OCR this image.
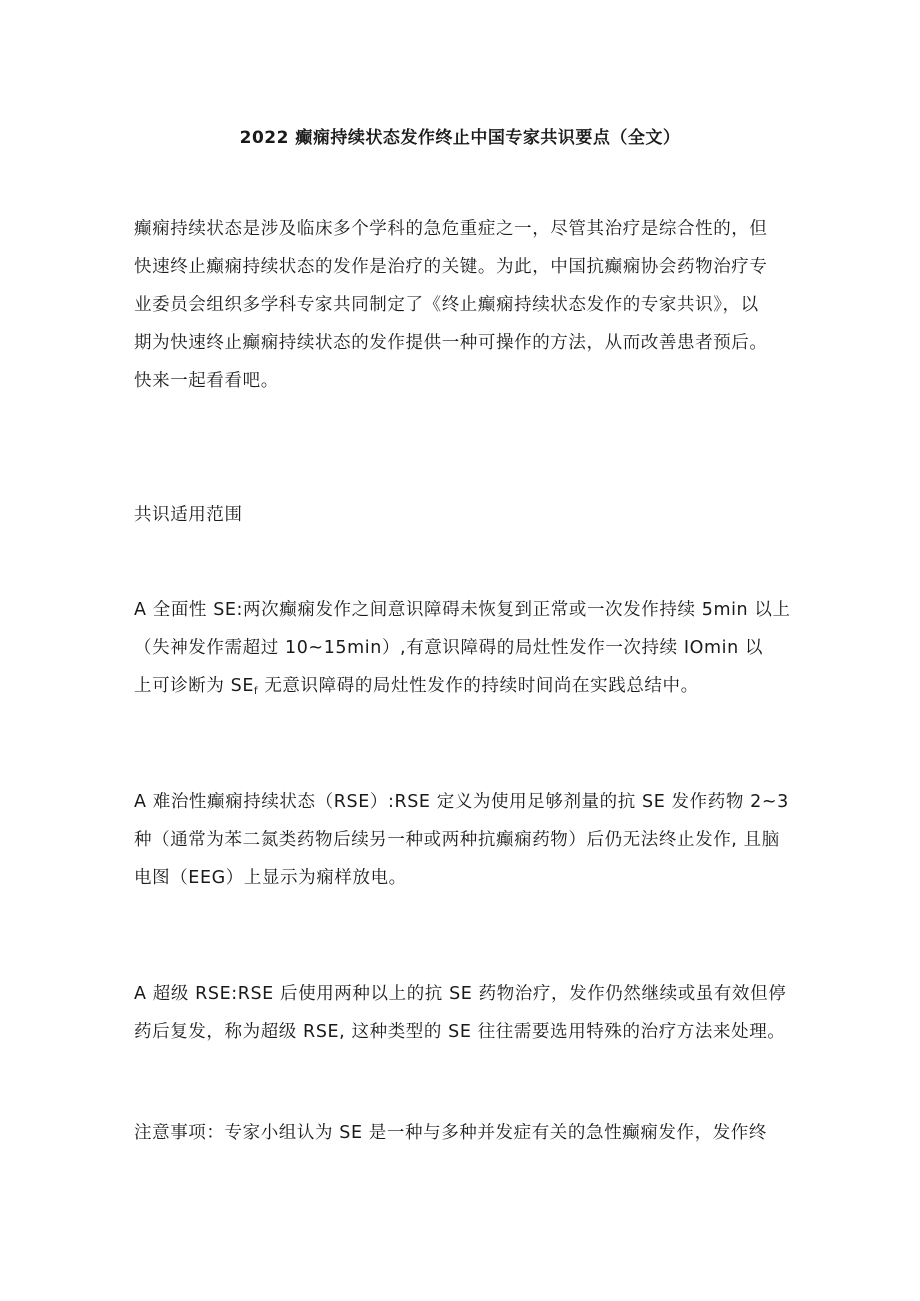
2022 癫痫持续状态发作终止中国专家共识要点（全文）
癫痫持续状态是涉及临床多个学科的急危重症之一，尽管其治疗是综合性的，但
快速终止癫痫持续状态的发作是治疗的关键。为此，中国抗癫痫协会药物治疗专
业委员会组织多学科专家共同制定了《终止癫痫持续状态发作的专家共识》，以
期为快速终止癫痫持续状态的发作提供一种可操作的方法，从而改善患者预后。
快来一起看看吧。
共识适用范围
A 全面性 SE:两次癫痫发作之间意识障碍未恢复到正常或一次发作持续 5min 以上
（失神发作需超过 10~15min）,有意识障碍的局灶性发作一次持续 IOmin 以
上可诊断为 $SE_f$ 无意识障碍的局灶性发作的持续时间尚在实践总结中。
A 难治性癫痫持续状态（RSE）:RSE 定义为使用足够剂量的抗 SE 发作药物 2~3
种（通常为苯二氮类药物后续另一种或两种抗癫痫药物）后仍无法终止发作, 且脑
电图（EEG）上显示为痫样放电。
A 超级 RSE:RSE 后使用两种以上的抗 SE 药物治疗，发作仍然继续或虽有效但停
药后复发，称为超级 RSE, 这种类型的 SE 往往需要选用特殊的治疗方法来处理。
注意事项：专家小组认为 SE 是一种与多种并发症有关的急性癫痫发作，发作终
